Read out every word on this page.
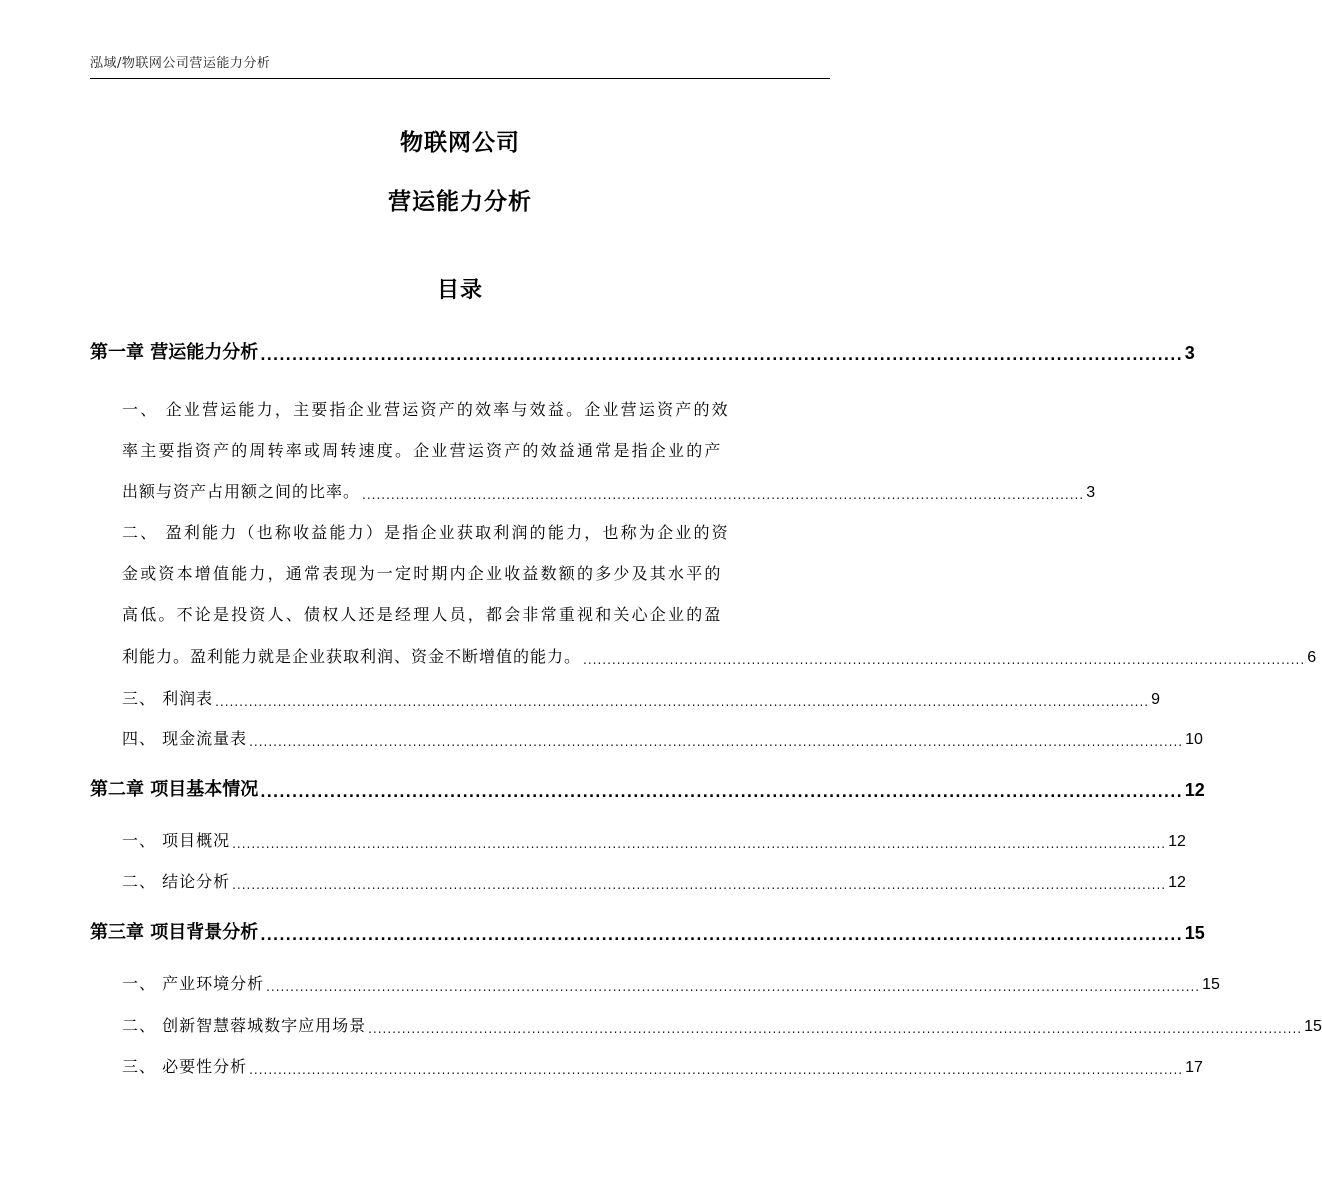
泓域/物联网公司营运能力分析
物联网公司
营运能力分析
目录
第一章 营运能力分析 .................................................................................................................................................. 3
一、 企业营运能力，主要指企业营运资产的效率与效益。企业营运资产的效
率主要指资产的周转率或周转速度。企业营运资产的效益通常是指企业的产
出额与资产占用额之间的比率。 ...................................................................................................................................................... 3
二、 盈利能力（也称收益能力）是指企业获取利润的能力，也称为企业的资
金或资本增值能力，通常表现为一定时期内企业收益数额的多少及其水平的
高低。不论是投资人、债权人还是经理人员，都会非常重视和关心企业的盈
利能力。盈利能力就是企业获取利润、资金不断增值的能力。 ...................................................................................................................................................... 6
三、 利润表 .................................................................................................................................................................................................. 9
四、 现金流量表 .................................................................................................................................................................................................. 10
第二章 项目基本情况 .................................................................................................................................................. 12
一、 项目概况 .................................................................................................................................................................................................. 12
二、 结论分析 .................................................................................................................................................................................................. 12
第三章 项目背景分析 .................................................................................................................................................. 15
一、 产业环境分析 .................................................................................................................................................................................................. 15
二、 创新智慧蓉城数字应用场景 .................................................................................................................................................................................................. 15
三、 必要性分析 .................................................................................................................................................................................................. 17
